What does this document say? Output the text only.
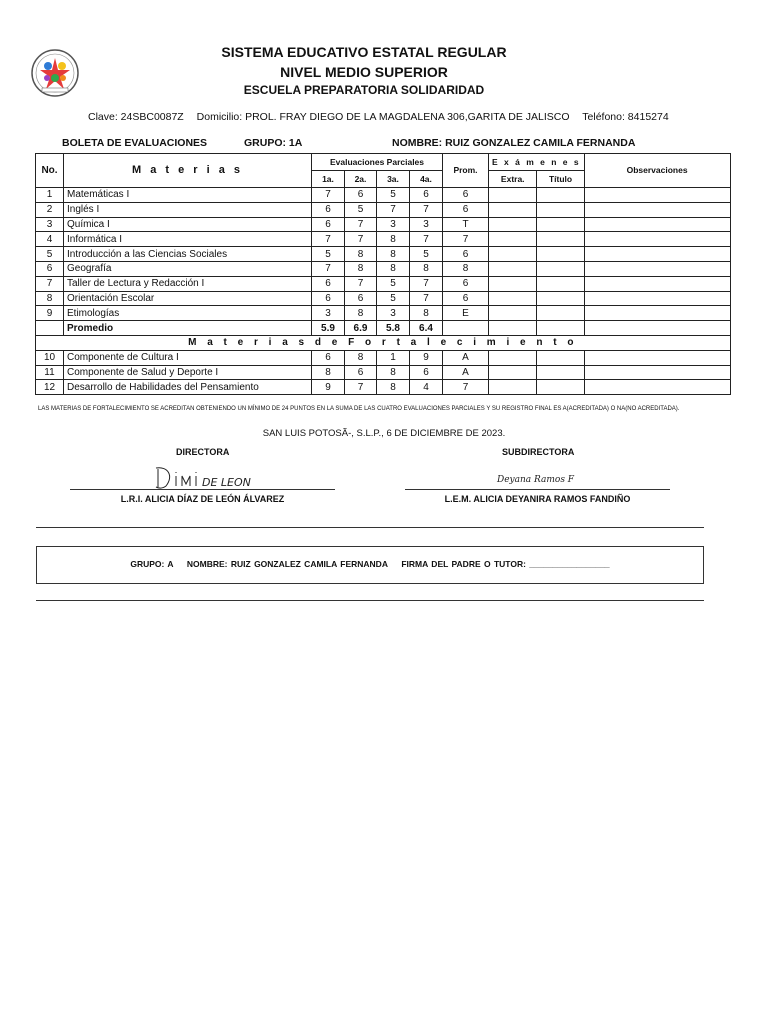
SISTEMA EDUCATIVO ESTATAL REGULAR
NIVEL MEDIO SUPERIOR
ESCUELA PREPARATORIA SOLIDARIDAD
Clave: 24SBC0087Z Domicilio: PROL. FRAY DIEGO DE LA MAGDALENA 306,GARITA DE JALISCO Teléfono: 8415274
BOLETA DE EVALUACIONES	GRUPO: 1A	NOMBRE: RUIZ GONZALEZ CAMILA FERNANDA
No.	M a t e r i a s	Evaluaciones Parciales				Prom.	E x á m e n e s		Observaciones
		1a.	2a.	3a.	4a.		Extra.	Título	
1	Matemáticas I	7	6	5	6	6			
2	Inglés I	6	5	7	7	6			
3	Química I	6	7	3	3	T			
4	Informática I	7	7	8	7	7			
5	Introducción a las Ciencias Sociales	5	8	8	5	6			
6	Geografía	7	8	8	8	8			
7	Taller de Lectura y Redacción I	6	7	5	7	6			
8	Orientación Escolar	6	6	5	7	6			
9	Etimologías	3	8	3	8	E			
	Promedio	5.9	6.9	5.8	6.4				
M a t e r i a s d e F o r t a l e c i m i e n t o									
10	Componente de Cultura I	6	8	1	9	A			
11	Componente de Salud y Deporte I	8	6	8	6	A			
12	Desarrollo de Habilidades del Pensamiento	9	7	8	4	7			
LAS MATERIAS DE FORTALECIMIENTO SE ACREDITAN OBTENIENDO UN MÍNIMO DE 24 PUNTOS EN LA SUMA DE LAS CUATRO EVALUACIONES PARCIALES Y SU REGISTRO FINAL ES A(ACREDITADA) O NA(NO ACREDITADA).
SAN LUIS POTOSÃ-, S.L.P., 6 DE DICIEMBRE DE 2023.
DIRECTORA	SUBDIRECTORA
DE LEON	Deyana Ramos F
L.R.I. ALICIA DÍAZ DE LEÓN ÁLVAREZ	L.E.M. ALICIA DEYANIRA RAMOS FANDIÑO
GRUPO: A NOMBRE: RUIZ GONZALEZ CAMILA FERNANDA FIRMA DEL PADRE O TUTOR: _________________
